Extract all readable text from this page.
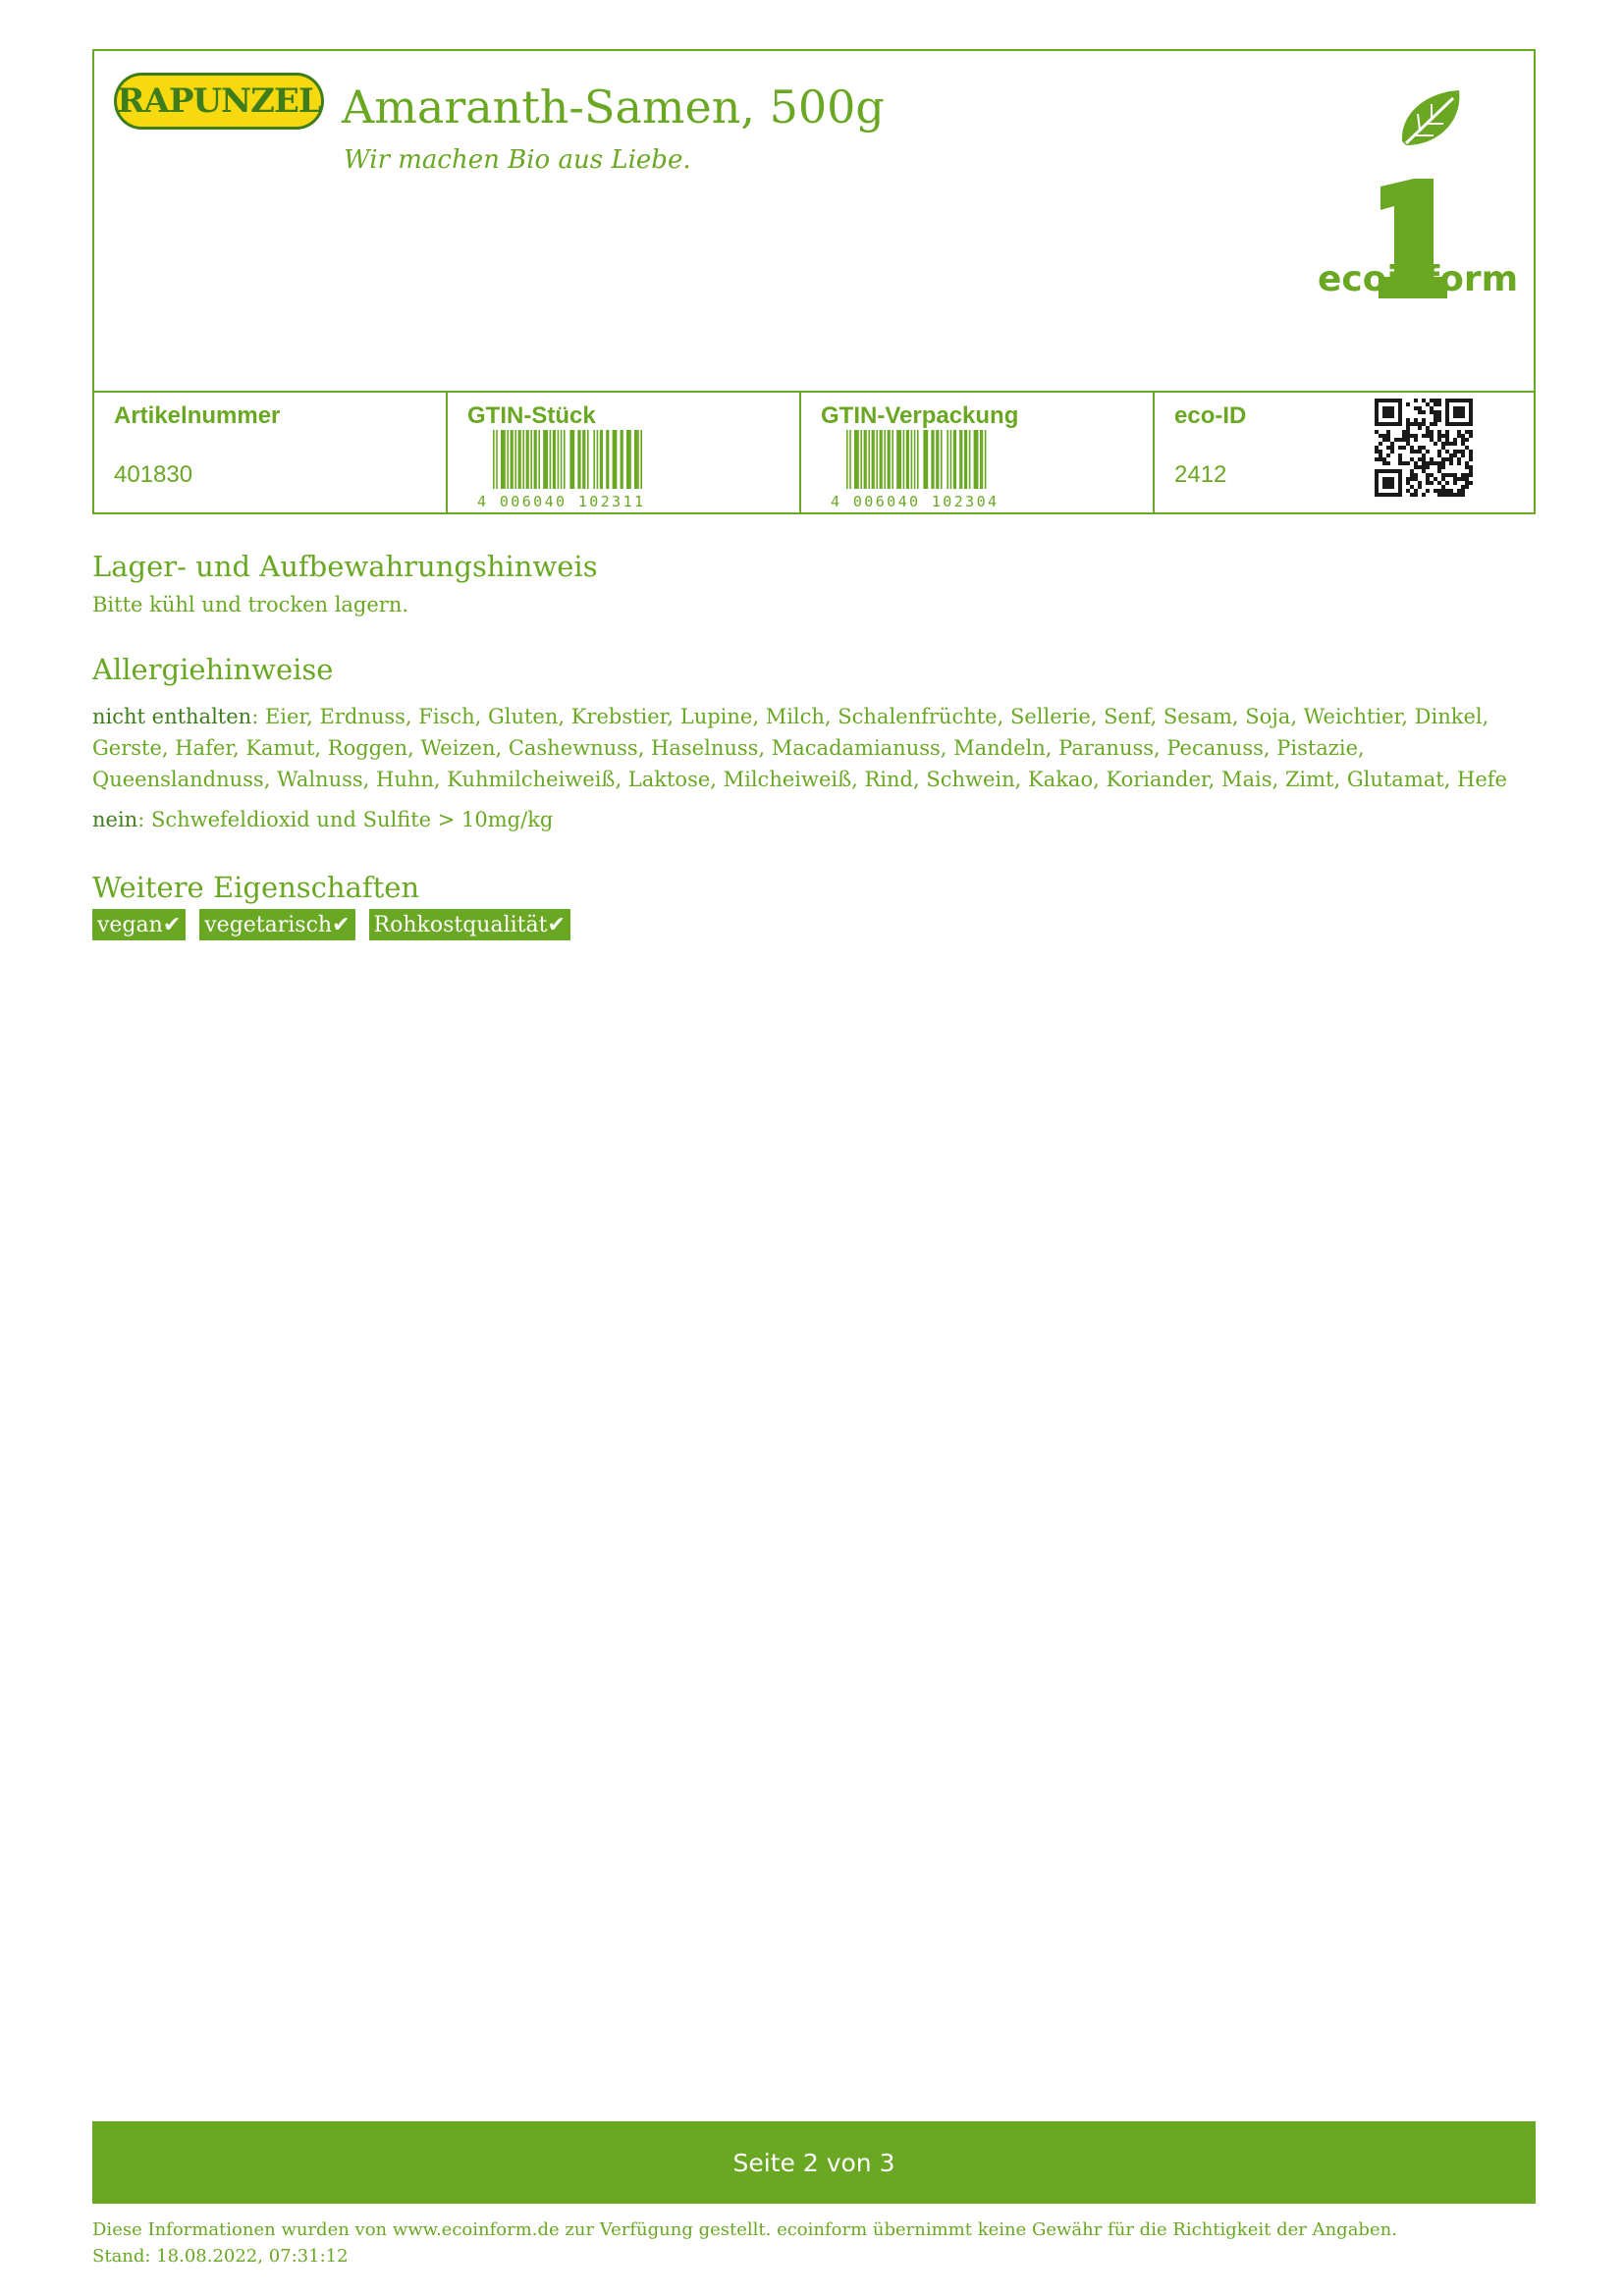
RAPUNZEL Amaranth-Samen, 500g
Wir machen Bio aus Liebe.
ecoinform
Artikelnummer
401830
GTIN-Stück
4 006040 102311
GTIN-Verpackung
4 006040 102304
eco-ID
2412
Lager- und Aufbewahrungshinweis
Bitte kühl und trocken lagern.
Allergiehinweise
nicht enthalten: Eier, Erdnuss, Fisch, Gluten, Krebstier, Lupine, Milch, Schalenfrüchte, Sellerie, Senf, Sesam, Soja, Weichtier, Dinkel, Gerste, Hafer, Kamut, Roggen, Weizen, Cashewnuss, Haselnuss, Macadamianuss, Mandeln, Paranuss, Pecanuss, Pistazie, Queenslandnuss, Walnuss, Huhn, Kuhmilcheiweiß, Laktose, Milcheiweiß, Rind, Schwein, Kakao, Koriander, Mais, Zimt, Glutamat, Hefe
nein: Schwefeldioxid und Sulfite > 10mg/kg
Weitere Eigenschaften
vegan✔ vegetarisch✔ Rohkostqualität✔
Seite 2 von 3
Diese Informationen wurden von www.ecoinform.de zur Verfügung gestellt. ecoinform übernimmt keine Gewähr für die Richtigkeit der Angaben.
Stand: 18.08.2022, 07:31:12
